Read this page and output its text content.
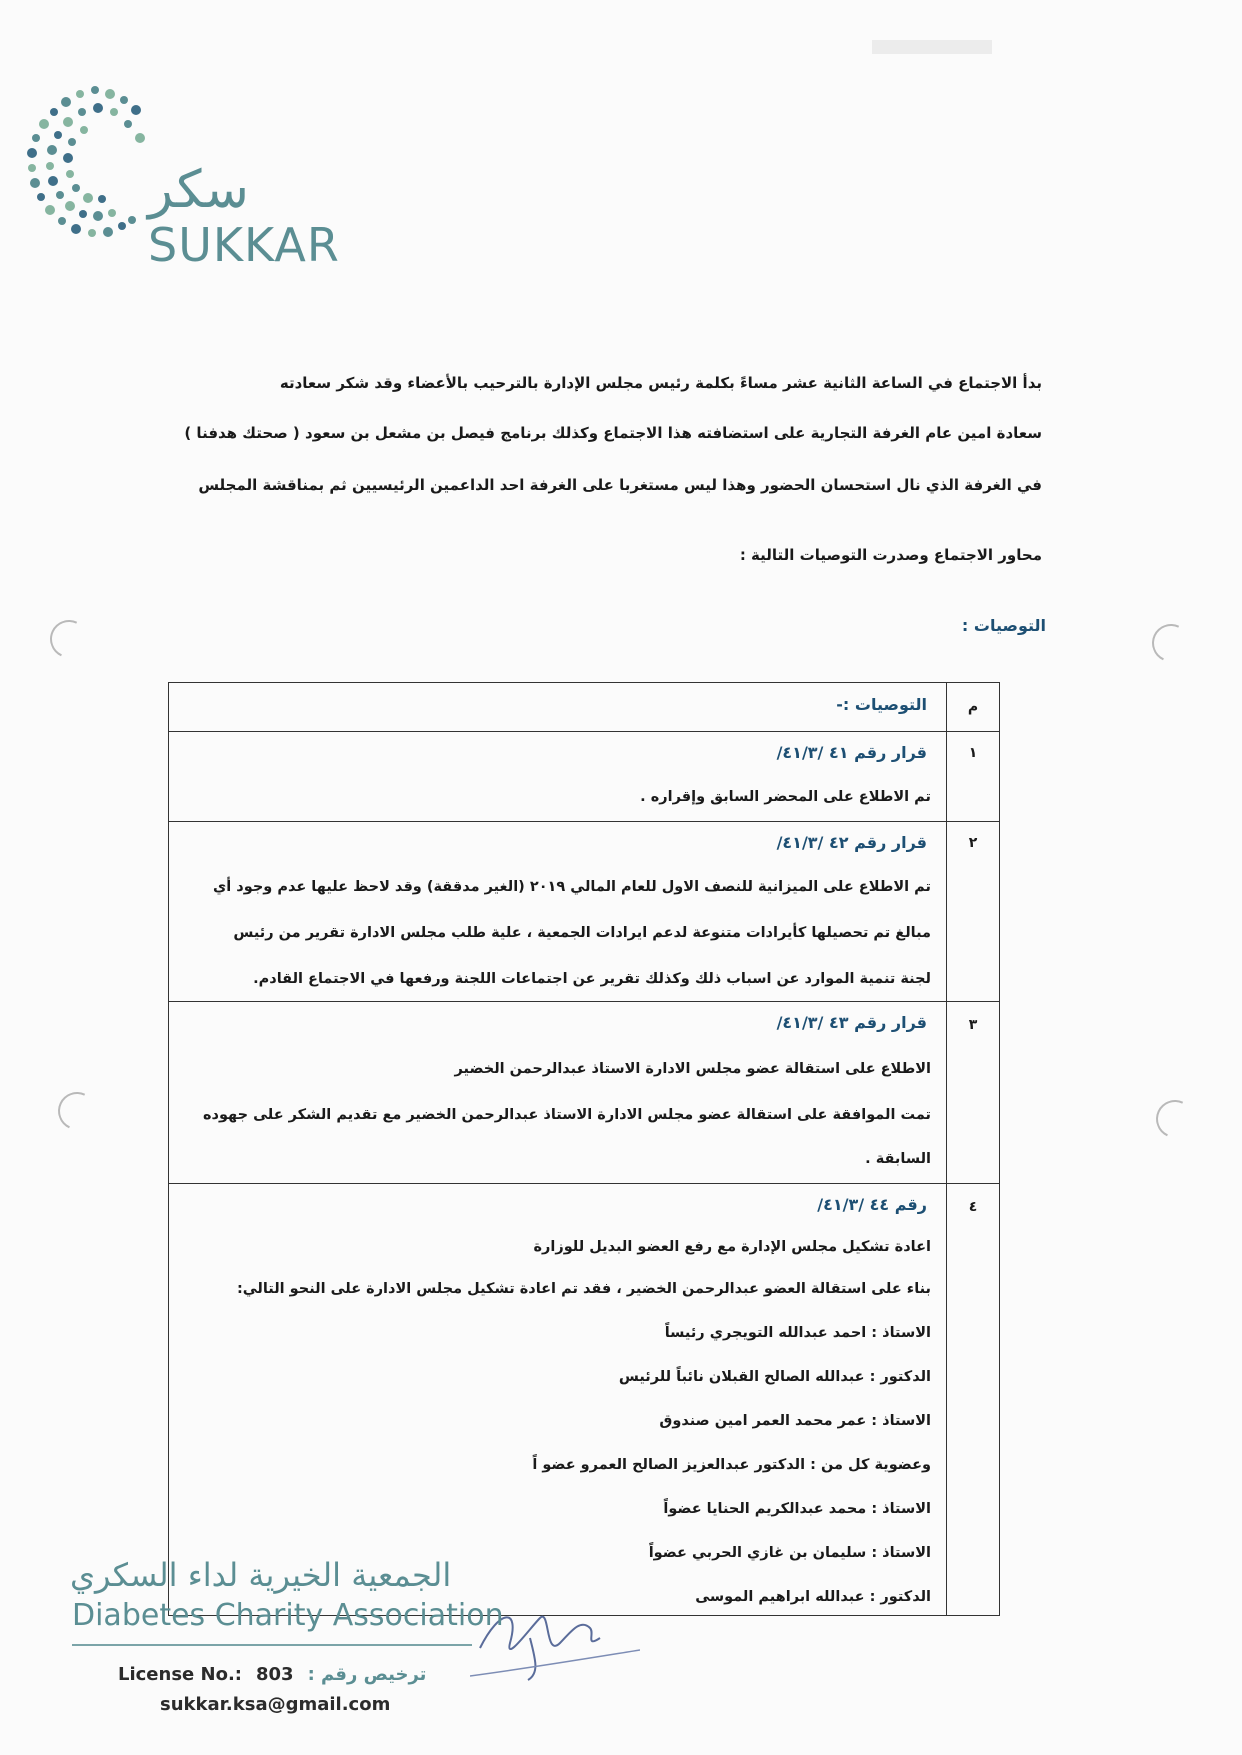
سكر
SUKKAR
بدأ الاجتماع في الساعة الثانية عشر مساءً بكلمة رئيس مجلس الإدارة بالترحيب بالأعضاء وقد شكر سعادته
سعادة امين عام الغرفة التجارية على استضافته هذا الاجتماع وكذلك برنامج فيصل بن مشعل بن سعود ( صحتك هدفنا )
في الغرفة الذي نال استحسان الحضور وهذا ليس مستغربا على الغرفة احد الداعمين الرئيسيين ثم بمناقشة المجلس
محاور الاجتماع وصدرت التوصيات التالية :
التوصيات :
م
التوصيات :-
١
قرار رقم ٤١ /٤١/٣/
تم الاطلاع على المحضر السابق وإقراره .
٢
قرار رقم ٤٢ /٤١/٣/
تم الاطلاع على الميزانية للنصف الاول للعام المالي ٢٠١٩ (الغير مدققة) وقد لاحظ عليها عدم وجود أي
مبالغ تم تحصيلها كأيرادات متنوعة لدعم ايرادات الجمعية ، علية طلب مجلس الادارة تقرير من رئيس
لجنة تنمية الموارد عن اسباب ذلك وكذلك تقرير عن اجتماعات اللجنة ورفعها في الاجتماع القادم.
٣
قرار رقم ٤٣ /٤١/٣/
الاطلاع على استقالة عضو مجلس الادارة الاستاذ عبدالرحمن الخضير
تمت الموافقة على استقالة عضو مجلس الادارة الاستاذ عبدالرحمن الخضير مع تقديم الشكر على جهوده
السابقة .
٤
رقم ٤٤ /٤١/٣/
اعادة تشكيل مجلس الإدارة مع رفع العضو البديل للوزارة
بناء على استقالة العضو عبدالرحمن الخضير ، فقد تم اعادة تشكيل مجلس الادارة على النحو التالي:
الاستاذ : احمد عبدالله التويجري رئيساً
الدكتور : عبدالله الصالح القبلان نائباً للرئيس
الاستاذ : عمر محمد العمر امين صندوق
وعضوية كل من : الدكتور عبدالعزيز الصالح العمرو عضو اً
الاستاذ : محمد عبدالكريم الحنايا عضواً
الاستاذ : سليمان بن غازي الحربي عضواً
الدكتور : عبدالله ابراهيم الموسى
الجمعية الخيرية لداء السكري
Diabetes Charity Association
License No.: 803 : ترخيص رقم
sukkar.ksa@gmail.com
